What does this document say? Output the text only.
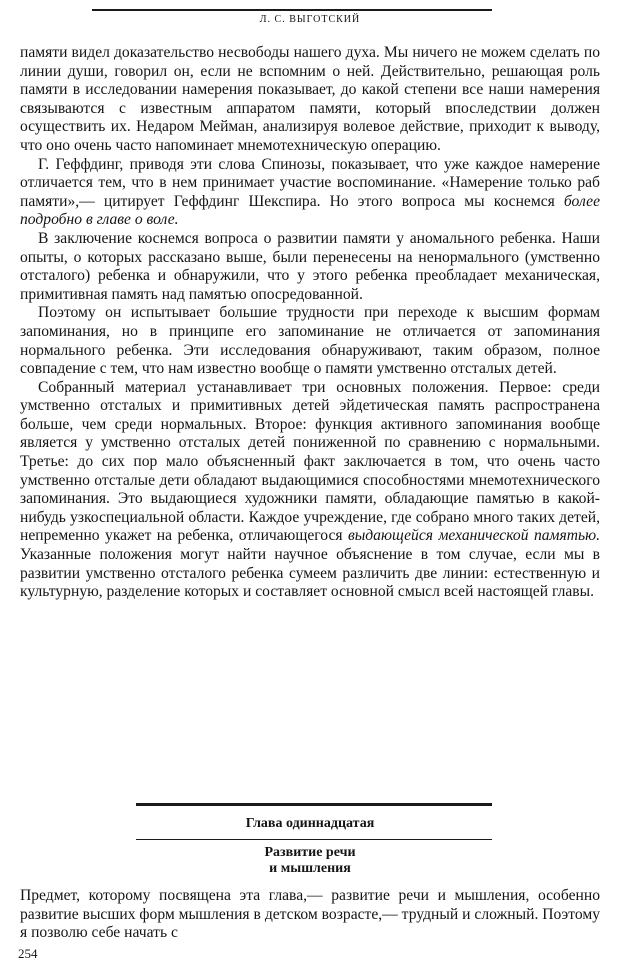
Л. С. ВЫГОТСКИЙ

памяти видел доказательство несвободы нашего духа. Мы ничего не можем сделать по линии души, говорил он, если не вспомним о ней. Действительно, решающая роль памяти в исследовании намерения показывает, до какой степени все наши намерения связываются с известным аппаратом памяти, который впоследствии должен осуществить их. Недаром Мейман, анализируя волевое действие, приходит к выводу, что оно очень часто напоминает мнемотехническую операцию.

Г. Геффдинг, приводя эти слова Спинозы, показывает, что уже каждое намерение отличается тем, что в нем принимает участие воспоминание. «Намерение только раб памяти»,— цитирует Геффдинг Шекспира. Но этого вопроса мы коснемся более подробно в главе о воле.

В заключение коснемся вопроса о развитии памяти у аномального ребенка. Наши опыты, о которых рассказано выше, были перенесены на ненормального (умственно отсталого) ребенка и обнаружили, что у этого ребенка преобладает механическая, примитивная память над памятью опосредованной.

Поэтому он испытывает большие трудности при переходе к высшим формам запоминания, но в принципе его запоминание не отличается от запоминания нормального ребенка. Эти исследования обнаруживают, таким образом, полное совпадение с тем, что нам известно вообще о памяти умственно отсталых детей.

Собранный материал устанавливает три основных положения. Первое: среди умственно отсталых и примитивных детей эйдетическая память распространена больше, чем среди нормальных. Второе: функция активного запоминания вообще является у умственно отсталых детей пониженной по сравнению с нормальными. Третье: до сих пор мало объясненный факт заключается в том, что очень часто умственно отсталые дети обладают выдающимися способностями мнемотехнического запоминания. Это выдающиеся художники памяти, обладающие памятью в какой-нибудь узкоспециальной области. Каждое учреждение, где собрано много таких детей, непременно укажет на ребенка, отличающегося выдающейся механической памятью. Указанные положения могут найти научное объяснение в том случае, если мы в развитии умственно отсталого ребенка сумеем различить две линии: естественную и культурную, разделение которых и составляет основной смысл всей настоящей главы.

Глава одиннадцатая
Развитие речи
и мышления

Предмет, которому посвящена эта глава,— развитие речи и мышления, особенно развитие высших форм мышления в детском возрасте,— трудный и сложный. Поэтому я позволю себе начать с

254
